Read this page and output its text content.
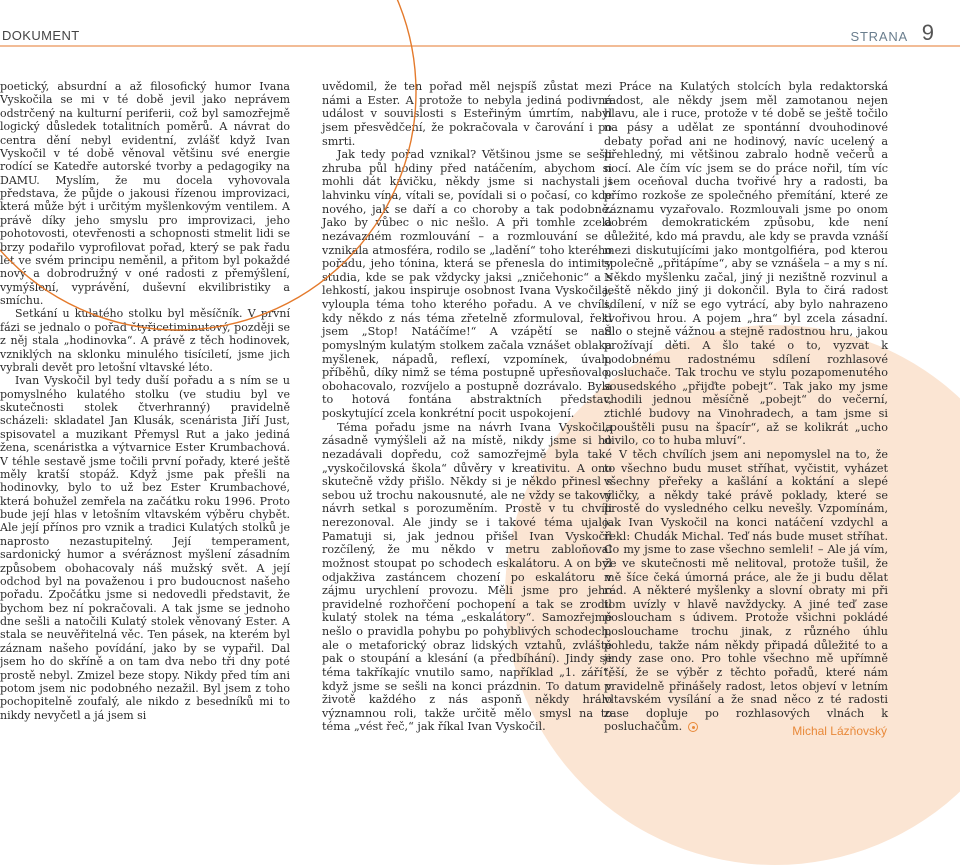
DOKUMENT	STRANA 9

poetický, absurdní a až filosofický humor Ivana Vyskočila se mi v té době jevil jako neprávem odstrčený na kulturní periferii, což byl samozřejmě logický důsledek totalitních poměrů. A návrat do centra dění nebyl evidentní, zvlášť když Ivan Vyskočil v té době věnoval většinu své energie rodící se Katedře autorské tvorby a pedagogiky na DAMU. Myslím, že mu docela vyhovovala představa, že půjde o jakousi řízenou improvizaci, která může být i určitým myšlenkovým ventilem. A právě díky jeho smyslu pro improvizaci, jeho pohotovosti, otevřenosti a schopnosti stmelit lidi se brzy podařilo vyprofilovat pořad, který se pak řadu let ve svém principu neměnil, a přitom byl pokaždé nový a dobrodružný v oné radosti z přemýšlení, vymýšlení, vyprávění, duševní ekvilibristiky a smíchu.

Setkání u kulatého stolku byl měsíčník. V první fázi se jednalo o pořad čtyřicetiminutový, později se z něj stala „hodinovka“. A právě z těch hodinovek, vzniklých na sklonku minulého tisíciletí, jsme jich vybrali devět pro letošní vltavské léto.

Ivan Vyskočil byl tedy duší pořadu a s ním se u pomyslného kulatého stolku (ve studiu byl ve skutečnosti stolek čtverhranný) pravidelně scházeli: skladatel Jan Klusák, scenárista Jiří Just, spisovatel a muzikant Přemysl Rut a jako jediná žena, scenáristka a výtvarnice Ester Krumbachová. V téhle sestavě jsme točili první pořady, které ještě měly kratší stopáž. Když jsme pak přešli na hodinovky, bylo to už bez Ester Krumbachové, která bohužel zemřela na začátku roku 1996. Proto bude její hlas v letošním vltavském výběru chybět. Ale její přínos pro vznik a tradici Kulatých stolků je naprosto nezastupitelný. Její temperament, sardonický humor a svéráznost myšlení zásadním způsobem obohacovaly náš mužský svět. A její odchod byl na považenou i pro budoucnost našeho pořadu. Zpočátku jsme si nedovedli představit, že bychom bez ní pokračovali. A tak jsme se jednoho dne sešli a natočili Kulatý stolek věnovaný Ester. A stala se neuvěřitelná věc. Ten pásek, na kterém byl záznam našeho povídání, jako by se vypařil. Dal jsem ho do skříně a on tam dva nebo tři dny poté prostě nebyl. Zmizel beze stopy. Nikdy před tím ani potom jsem nic podobného nezažil. Byl jsem z toho pochopitelně zoufalý, ale nikdo z besedníků mi to nikdy nevyčetl a já jsem si

uvědomil, že ten pořad měl nejspíš zůstat mezi námi a Ester. A protože to nebyla jediná podivná událost v souvislosti s Esteřiným úmrtím, nabyl jsem přesvědčení, že pokračovala v čarování i po smrti.

Jak tedy pořad vznikal? Většinou jsme se sešli zhruba půl hodiny před natáčením, abychom si mohli dát kávičku, někdy jsme si nachystali i lahvinku vína, vítali se, povídali si o počasí, co kde nového, jak se daří a co choroby a tak podobně. Jako by vůbec o nic nešlo. A při tomhle zcela nezávazném rozmlouvání – a rozmlouvání se – vznikala atmosféra, rodilo se „ladění“ toho kterého pořadu, jeho tónina, která se přenesla do intimity studia, kde se pak vždycky jaksi „zničehonic“ a s lehkostí, jakou inspiruje osobnost Ivana Vyskočila, vyloupla téma toho kterého pořadu. A ve chvíli, kdy někdo z nás téma zřetelně zformuloval, řekl jsem „Stop! Natáčíme!“ A vzápětí se nad pomyslným kulatým stolkem začala vznášet oblaka myšlenek, nápadů, reflexí, vzpomínek, úvah, příběhů, díky nimž se téma postupně upřesňovalo, obohacovalo, rozvíjelo a postupně dozrávalo. Byla to hotová fontána abstraktních představ, poskytující zcela konkrétní pocit uspokojení.

Téma pořadu jsme na návrh Ivana Vyskočila zásadně vymýšleli až na místě, nikdy jsme si ho nezadávali dopředu, což samozřejmě byla také „vyskočilovská škola“ důvěry v kreativitu. A ono skutečně vždy přišlo. Někdy si je někdo přinesl s sebou už trochu nakousnuté, ale ne vždy se takový návrh setkal s porozuměním. Prostě v tu chvíli nerezonoval. Ale jindy se i takové téma ujalo. Pamatuji si, jak jednou přišel Ivan Vyskočil rozčílený, že mu někdo v metru zabloňoval možnost stoupat po schodech eskalátoru. A on byl odjakživa zastáncem chození po eskalátoru v zájmu urychlení provozu. Měli jsme pro jeho pravidelné rozhořčení pochopení a tak se zrodil kulatý stolek na téma „eskalátory“. Samozřejmě nešlo o pravidla pohybu po pohyblivých schodech, ale o metaforický obraz lidských vztahů, zvláště pak o stoupání a klesání (a předbíhání). Jindy se téma takříkajíc vnutilo samo, například „1. září“, když jsme se sešli na konci prázdnin. To datum v životě každého z nás asponň někdy hrálo významnou roli, takže určitě mělo smysl na to téma „vést řeč,“ jak říkal Ivan Vyskočil.

Práce na Kulatých stolcích byla redaktorská radost, ale někdy jsem měl zamotanou nejen hlavu, ale i ruce, protože v té době se ještě točilo na pásy a udělat ze spontánní dvouhodinové debaty pořad ani ne hodinový, navíc ucelený a přehledný, mi většinou zabralo hodně večerů a nocí. Ale čím víc jsem se do práce nořil, tím víc jsem oceňoval ducha tvořivé hry a radosti, ba přímo rozkoše ze společného přemítání, které ze záznamu vyzařovalo. Rozmlouvali jsme po onom dobrém demokratickém způsobu, kde není důležité, kdo má pravdu, ale kdy se pravda vznáší mezi diskutujícími jako montgolfiéra, pod kterou společně „přitápíme“, aby se vznášela – a my s ní. Někdo myšlenku začal, jiný ji nezištně rozvinul a ještě někdo jiný ji dokončil. Byla to čirá radost sdílení, v níž se ego vytrácí, aby bylo nahrazeno tvořivou hrou. A pojem „hra“ byl zcela zásadní. Šlo o stejně vážnou a stejně radostnou hru, jakou prožívají děti. A šlo také o to, vyzvat k podobnému radostnému sdílení rozhlasové posluchače. Tak trochu ve stylu pozapomenutého sousedského „přijďte pobejt“. Tak jako my jsme chodili jednou měsíčně „pobejt“ do večerní, ztichlé budovy na Vinohradech, a tam jsme si „pouštěli pusu na špacír“, až se kolikrát „ucho divilo, co to huba mluví“.

V těch chvílích jsem ani nepomyslel na to, že to všechno budu muset stříhat, vyčistit, vyházet všechny přeřeky a kašlání a koktání a slepé uličky, a někdy také právě poklady, které se prostě do vysledného celku nevešly. Vzpomínám, jak Ivan Vyskočil na konci natáčení vzdychl a řekl: Chudák Michal. Teď nás bude muset stříhat. Co my jsme to zase všechno semleli! – Ale já vím, že ve skutečnosti mě nelitoval, protože tušil, že mě šíce čeká úmorná práce, ale že ji budu dělat rád. A některé myšlenky a slovní obraty mi při tom uvízly v hlavě navždycky. A jiné teď zase posloucham s údivem. Protože všichni pokládé poslouchame trochu jinak, z různého úhlu pohledu, takže nám někdy připadá důležité to a jindy zase ono. Pro tohle všechno mě upřímně těší, že se výběr z těchto pořadů, které nám pravidelně přinášely radost, letos objeví v letním vltavském vysílání a že snad něco z té radosti zase dopluje po rozhlasových vlnách k posluchačům.	Michal Lázňovský
